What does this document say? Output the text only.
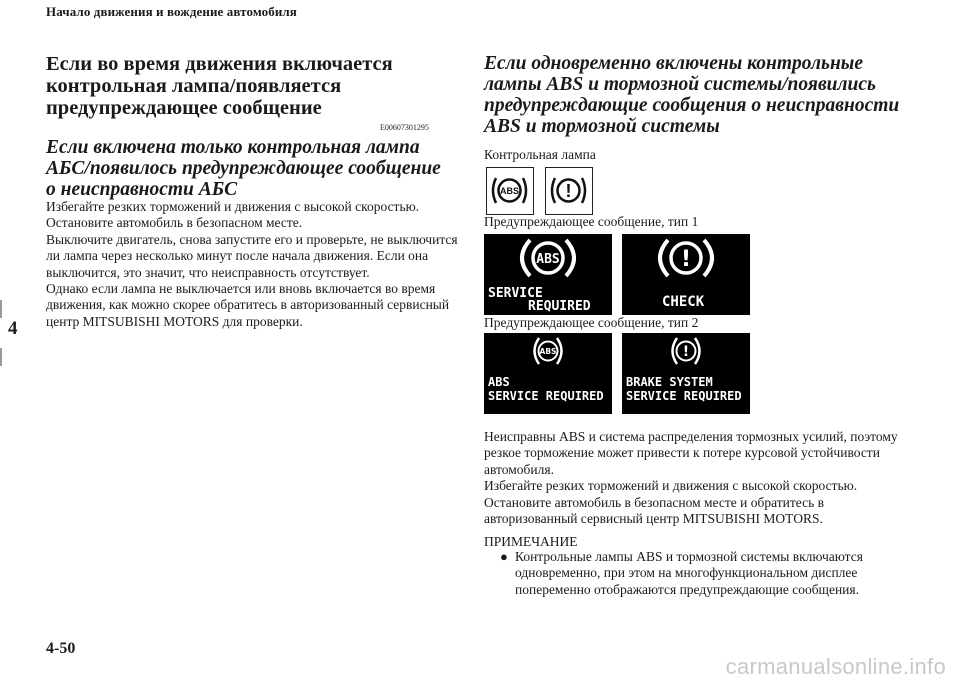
Начало движения и вождение автомобиля
4
Если во время движения включается контрольная лампа/появляется предупреждающее сообщение
E00607301295
Если включена только контрольная лампа АБС/появилось предупреждающее сообщение о неисправности АБС

Избегайте резких торможений и движения с высокой скоростью. Остановите автомобиль в безопасном месте.

Выключите двигатель, снова запустите его и проверьте, не выключится ли лампа через несколько минут после начала движения. Если она выключится, это значит, что неисправность отсутствует.

Однако если лампа не выключается или вновь включается во время движения, как можно скорее обратитесь в авторизованный сервисный центр MITSUBISHI MOTORS для проверки.

Если одновременно включены контрольные лампы ABS и тормозной системы/появились предупреждающие сообщения о неисправности ABS и тормозной системы
Контрольная лампа
ABS	!
Предупреждающее сообщение, тип 1
ABS
SERVICE
REQUIRED
!
CHECK
Предупреждающее сообщение, тип 2
ABS
ABS
SERVICE REQUIRED
!
BRAKE SYSTEM
SERVICE REQUIRED

Неисправны ABS и система распределения тормозных усилий, поэтому резкое торможение может привести к потере курсовой устойчивости автомобиля.

Избегайте резких торможений и движения с высокой скоростью. Остановите автомобиль в безопасном месте и обратитесь в авторизованный сервисный центр MITSUBISHI MOTORS.

ПРИМЕЧАНИЕ
● Контрольные лампы ABS и тормозной системы включаются одновременно, при этом на многофункциональном дисплее попеременно отображаются предупреждающие сообщения.
4-50
carmanualsonline.info
